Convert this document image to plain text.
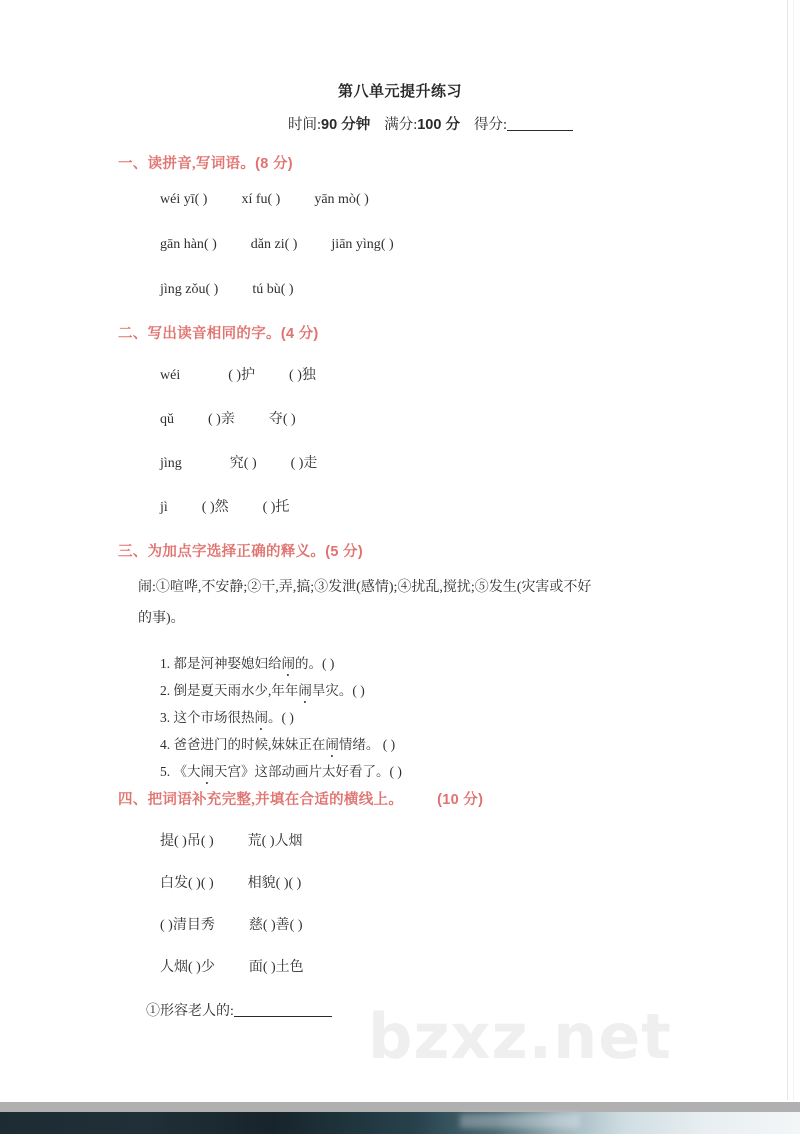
bzxz.net
第八单元提升练习
时间:90 分钟 满分:100 分 得分:
一、读拼音,写词语。(8 分)
wéi yī( ) xí fu( ) yān mò( )
gān hàn( ) dǎn zi( ) jiān yìng( )
jìng zǒu( ) tú bù( )
二、写出读音相同的字。(4 分)
wéi	( )护 ( )独
qǔ ( )亲 夺( )
jìng	究( ) ( )走
jì ( )然 ( )托
三、为加点字选择正确的释义。(5 分)
闹:①喧哗,不安静;②干,弄,搞;③发泄(感情);④扰乱,搅扰;⑤发生(灾害或不好
的事)。
1. 都是河神娶媳妇给闹的。( )
2. 倒是夏天雨水少,年年闹旱灾。( )
3. 这个市场很热闹。( )
4. 爸爸进门的时候,妹妹正在闹情绪。 ( )
5. 《大闹天宫》这部动画片太好看了。( )
四、把词语补充完整,并填在合适的横线上。 (10 分)
提( )吊( ) 荒( )人烟
白发( )( ) 相貌( )( )
( )清目秀 慈( )善( )
人烟( )少 面( )土色
①形容老人的:
